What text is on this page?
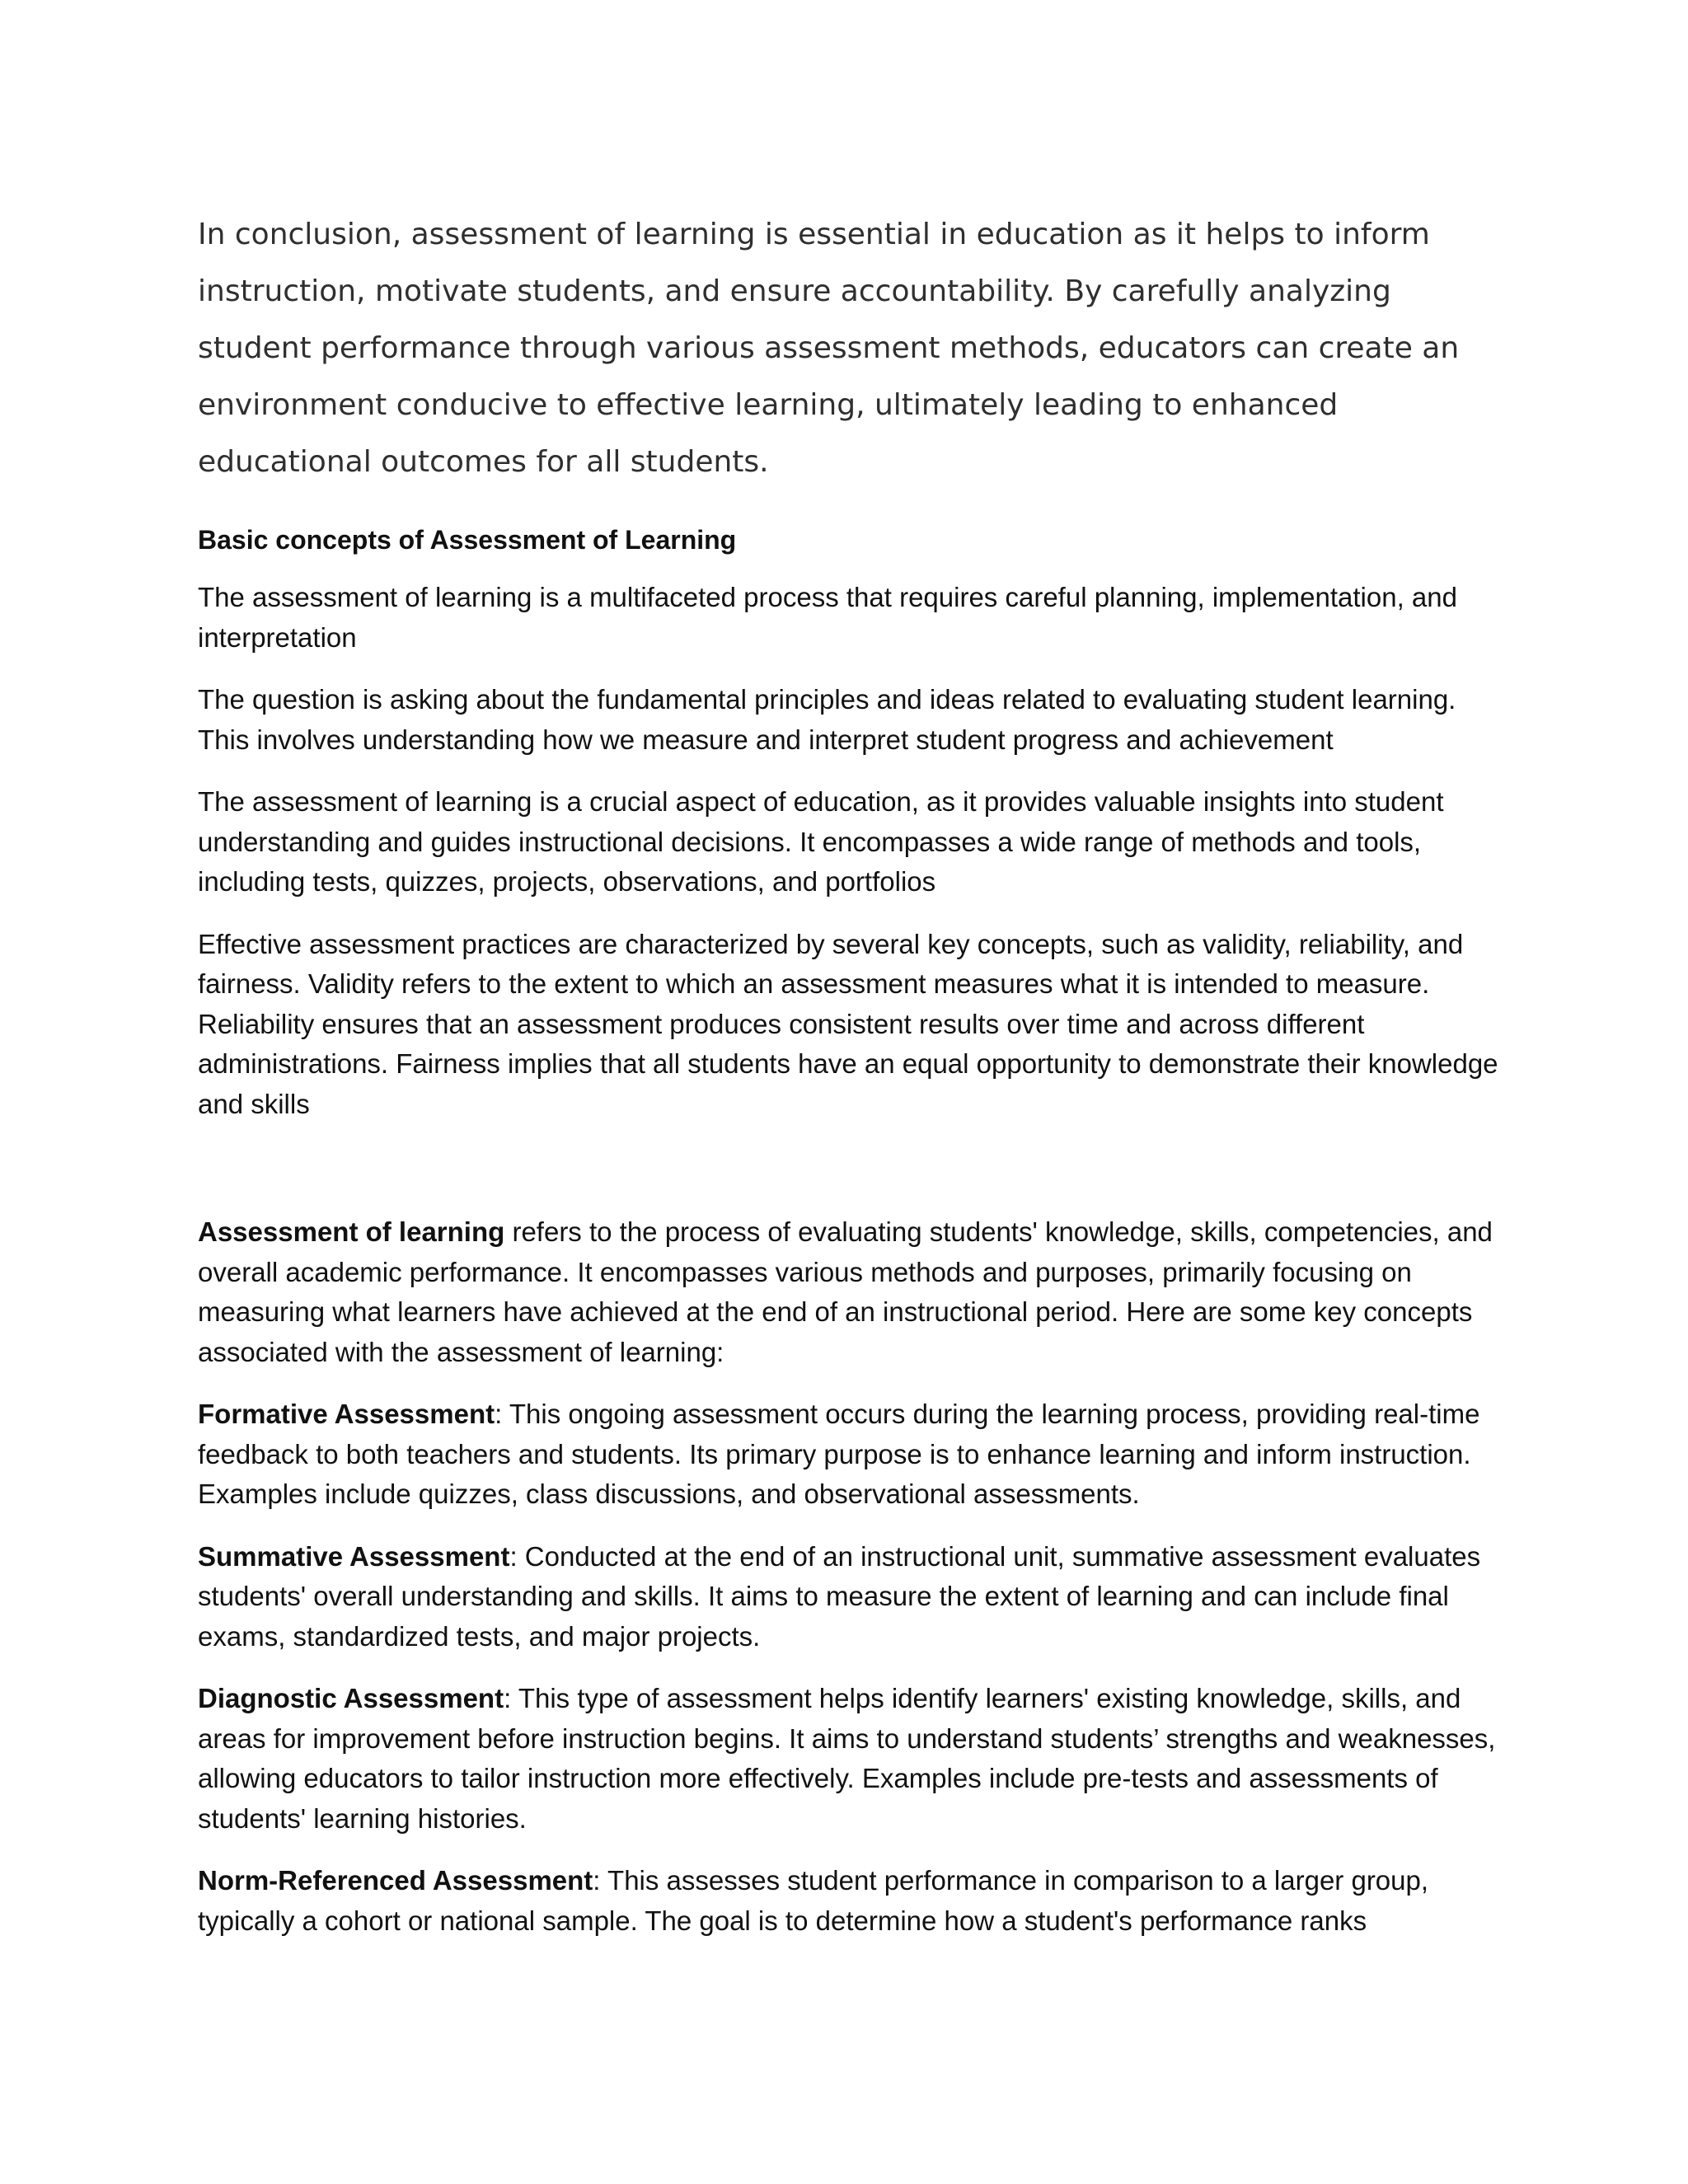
In conclusion, assessment of learning is essential in education as it helps to inform instruction, motivate students, and ensure accountability. By carefully analyzing student performance through various assessment methods, educators can create an environment conducive to effective learning, ultimately leading to enhanced educational outcomes for all students.

Basic concepts of Assessment of Learning

The assessment of learning is a multifaceted process that requires careful planning, implementation, and interpretation

The question is asking about the fundamental principles and ideas related to evaluating student learning. This involves understanding how we measure and interpret student progress and achievement

The assessment of learning is a crucial aspect of education, as it provides valuable insights into student understanding and guides instructional decisions. It encompasses a wide range of methods and tools, including tests, quizzes, projects, observations, and portfolios

Effective assessment practices are characterized by several key concepts, such as validity, reliability, and fairness. Validity refers to the extent to which an assessment measures what it is intended to measure. Reliability ensures that an assessment produces consistent results over time and across different administrations. Fairness implies that all students have an equal opportunity to demonstrate their knowledge and skills

Assessment of learning refers to the process of evaluating students' knowledge, skills, competencies, and overall academic performance. It encompasses various methods and purposes, primarily focusing on measuring what learners have achieved at the end of an instructional period. Here are some key concepts associated with the assessment of learning:

Formative Assessment: This ongoing assessment occurs during the learning process, providing real-time feedback to both teachers and students. Its primary purpose is to enhance learning and inform instruction. Examples include quizzes, class discussions, and observational assessments.

Summative Assessment: Conducted at the end of an instructional unit, summative assessment evaluates students' overall understanding and skills. It aims to measure the extent of learning and can include final exams, standardized tests, and major projects.

Diagnostic Assessment: This type of assessment helps identify learners' existing knowledge, skills, and areas for improvement before instruction begins. It aims to understand students’ strengths and weaknesses, allowing educators to tailor instruction more effectively. Examples include pre-tests and assessments of students' learning histories.

Norm-Referenced Assessment: This assesses student performance in comparison to a larger group, typically a cohort or national sample. The goal is to determine how a student's performance ranks
